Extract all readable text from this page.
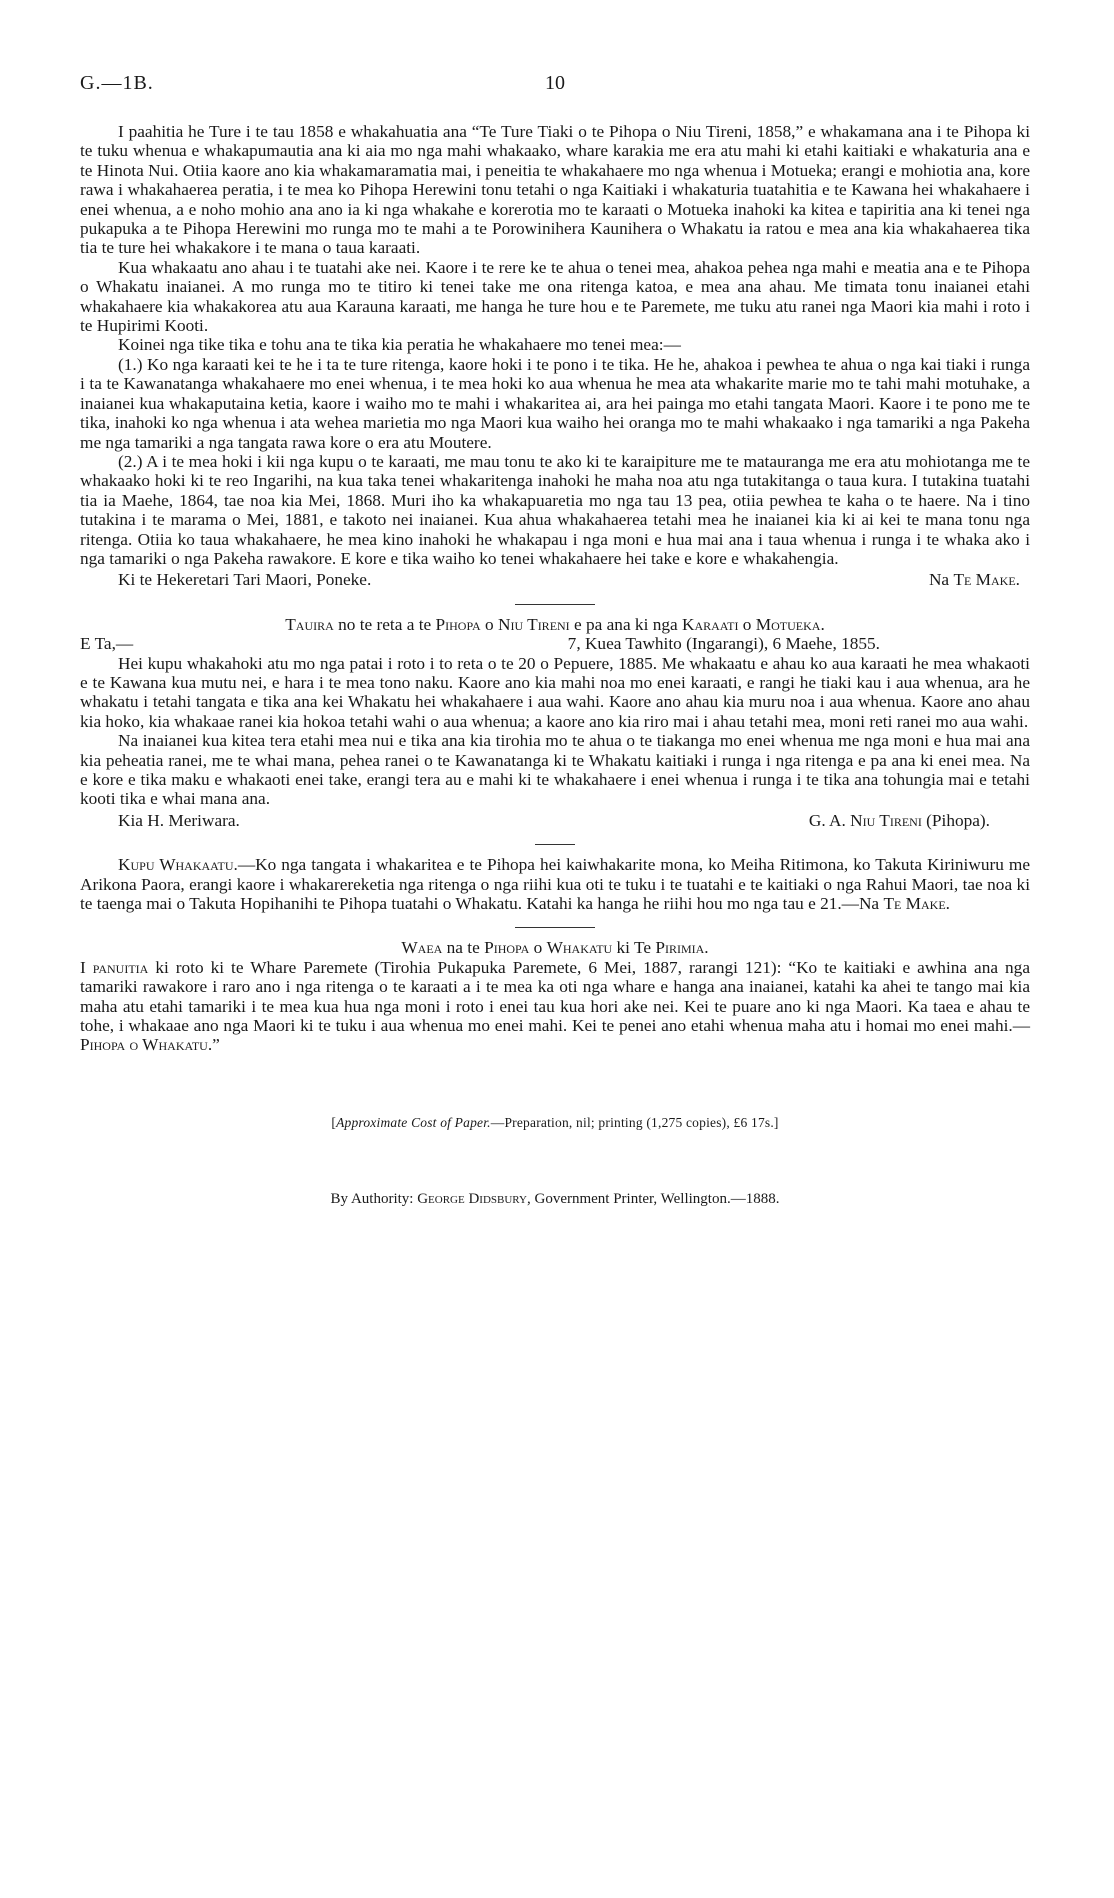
G.—1B.	10

I paahitia he Ture i te tau 1858 e whakahuatia ana “Te Ture Tiaki o te Pihopa o Niu Tireni, 1858,” e whakamana ana i te Pihopa ki te tuku whenua e whakapumautia ana ki aia mo nga mahi whakaako, whare karakia me era atu mahi ki etahi kaitiaki e whakaturia ana e te Hinota Nui. Otiia kaore ano kia whakamaramatia mai, i peneitia te whakahaere mo nga whenua i Motueka; erangi e mohiotia ana, kore rawa i whakahaerea peratia, i te mea ko Pihopa Herewini tonu tetahi o nga Kaitiaki i whakaturia tuatahitia e te Kawana hei whakahaere i enei whenua, a e noho mohio ana ano ia ki nga whakahe e korerotia mo te karaati o Motueka inahoki ka kitea e tapiritia ana ki tenei nga pukapuka a te Pihopa Herewini mo runga mo te mahi a te Porowinihera Kaunihera o Whakatu ia ratou e mea ana kia whakahaerea tika tia te ture hei whakakore i te mana o taua karaati.

Kua whakaatu ano ahau i te tuatahi ake nei. Kaore i te rere ke te ahua o tenei mea, ahakoa pehea nga mahi e meatia ana e te Pihopa o Whakatu inaianei. A mo runga mo te titiro ki tenei take me ona ritenga katoa, e mea ana ahau. Me timata tonu inaianei etahi whakahaere kia whakakorea atu aua Karauna karaati, me hanga he ture hou e te Paremete, me tuku atu ranei nga Maori kia mahi i roto i te Hupirimi Kooti.

Koinei nga tike tika e tohu ana te tika kia peratia he whakahaere mo tenei mea:—

(1.) Ko nga karaati kei te he i ta te ture ritenga, kaore hoki i te pono i te tika. He he, ahakoa i pewhea te ahua o nga kai tiaki i runga i ta te Kawanatanga whakahaere mo enei whenua, i te mea hoki ko aua whenua he mea ata whakarite marie mo te tahi mahi motuhake, a inaianei kua whakaputaina ketia, kaore i waiho mo te mahi i whakaritea ai, ara hei painga mo etahi tangata Maori. Kaore i te pono me te tika, inahoki ko nga whenua i ata wehea marietia mo nga Maori kua waiho hei oranga mo te mahi whakaako i nga tamariki a nga Pakeha me nga tamariki a nga tangata rawa kore o era atu Moutere.

(2.) A i te mea hoki i kii nga kupu o te karaati, me mau tonu te ako ki te karaipiture me te matauranga me era atu mohiotanga me te whakaako hoki ki te reo Ingarihi, na kua taka tenei whakaritenga inahoki he maha noa atu nga tutakitanga o taua kura. I tutakina tuatahi tia ia Maehe, 1864, tae noa kia Mei, 1868. Muri iho ka whakapuaretia mo nga tau 13 pea, otiia pewhea te kaha o te haere. Na i tino tutakina i te marama o Mei, 1881, e takoto nei inaianei. Kua ahua whakahaerea tetahi mea he inaianei kia ki ai kei te mana tonu nga ritenga. Otiia ko taua whakahaere, he mea kino inahoki he whakapau i nga moni e hua mai ana i taua whenua i runga i te whaka ako i nga tamariki o nga Pakeha rawakore. E kore e tika waiho ko tenei whakahaere hei take e kore e whakahengia.

Ki te Hekeretari Tari Maori, Poneke.	Na Te Make.
Tauira no te reta a te Pihopa o Niu Tireni e pa ana ki nga Karaati o Motueka.
E Ta,—	7, Kuea Tawhito (Ingarangi), 6 Maehe, 1855.

Hei kupu whakahoki atu mo nga patai i roto i to reta o te 20 o Pepuere, 1885. Me whakaatu e ahau ko aua karaati he mea whakaoti e te Kawana kua mutu nei, e hara i te mea tono naku. Kaore ano kia mahi noa mo enei karaati, e rangi he tiaki kau i aua whenua, ara he whakatu i tetahi tangata e tika ana kei Whakatu hei whakahaere i aua wahi. Kaore ano ahau kia muru noa i aua whenua. Kaore ano ahau kia hoko, kia whakaae ranei kia hokoa tetahi wahi o aua whenua; a kaore ano kia riro mai i ahau tetahi mea, moni reti ranei mo aua wahi.

Na inaianei kua kitea tera etahi mea nui e tika ana kia tirohia mo te ahua o te tiakanga mo enei whenua me nga moni e hua mai ana kia peheatia ranei, me te whai mana, pehea ranei o te Kawanatanga ki te Whakatu kaitiaki i runga i nga ritenga e pa ana ki enei mea. Na e kore e tika maku e whakaoti enei take, erangi tera au e mahi ki te whakahaere i enei whenua i runga i te tika ana tohungia mai e tetahi kooti tika e whai mana ana.

Kia H. Meriwara.	G. A. Niu Tireni (Pihopa).

Kupu Whakaatu.—Ko nga tangata i whakaritea e te Pihopa hei kaiwhakarite mona, ko Meiha Ritimona, ko Takuta Kiriniwuru me Arikona Paora, erangi kaore i whakarereketia nga ritenga o nga riihi kua oti te tuku i te tuatahi e te kaitiaki o nga Rahui Maori, tae noa ki te taenga mai o Takuta Hopihanihi te Pihopa tuatahi o Whakatu. Katahi ka hanga he riihi hou mo nga tau e 21.—Na Te Make.

Waea na te Pihopa o Whakatu ki Te Pirimia.

I panuitia ki roto ki te Whare Paremete (Tirohia Pukapuka Paremete, 6 Mei, 1887, rarangi 121): “Ko te kaitiaki e awhina ana nga tamariki rawakore i raro ano i nga ritenga o te karaati a i te mea ka oti nga whare e hanga ana inaianei, katahi ka ahei te tango mai kia maha atu etahi tamariki i te mea kua hua nga moni i roto i enei tau kua hori ake nei. Kei te puare ano ki nga Maori. Ka taea e ahau te tohe, i whakaae ano nga Maori ki te tuku i aua whenua mo enei mahi. Kei te penei ano etahi whenua maha atu i homai mo enei mahi.—Pihopa o Whakatu.”

[Approximate Cost of Paper.—Preparation, nil; printing (1,275 copies), £6 17s.]
By Authority: George Didsbury, Government Printer, Wellington.—1888.
